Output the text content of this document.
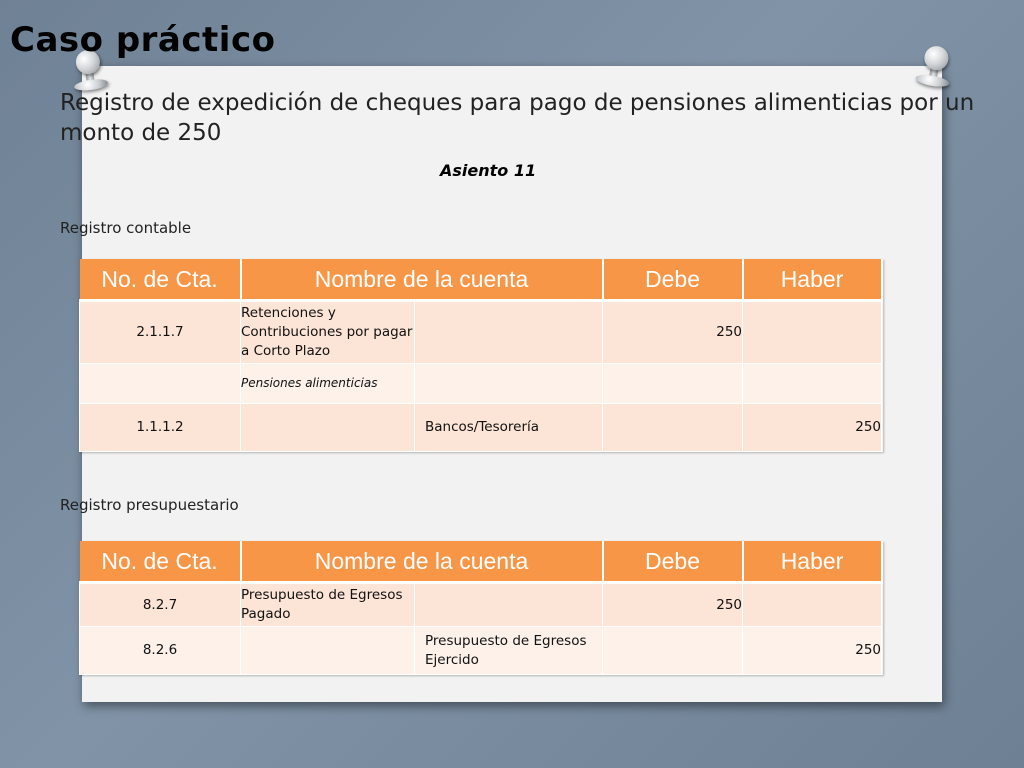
Caso práctico

Registro de expedición de cheques para pago de pensiones alimenticias por un monto de 250

Asiento 11
Registro contable
No. de Cta.	Nombre de la cuenta		Debe	Haber
2.1.1.7	Retenciones y Contribuciones por pagar a Corto Plazo		250	
	Pensiones alimenticias			
1.1.1.2		Bancos/Tesorería		250
Registro presupuestario
No. de Cta.	Nombre de la cuenta		Debe	Haber
8.2.7	Presupuesto de Egresos Pagado		250	
8.2.6		Presupuesto de Egresos Ejercido		250
